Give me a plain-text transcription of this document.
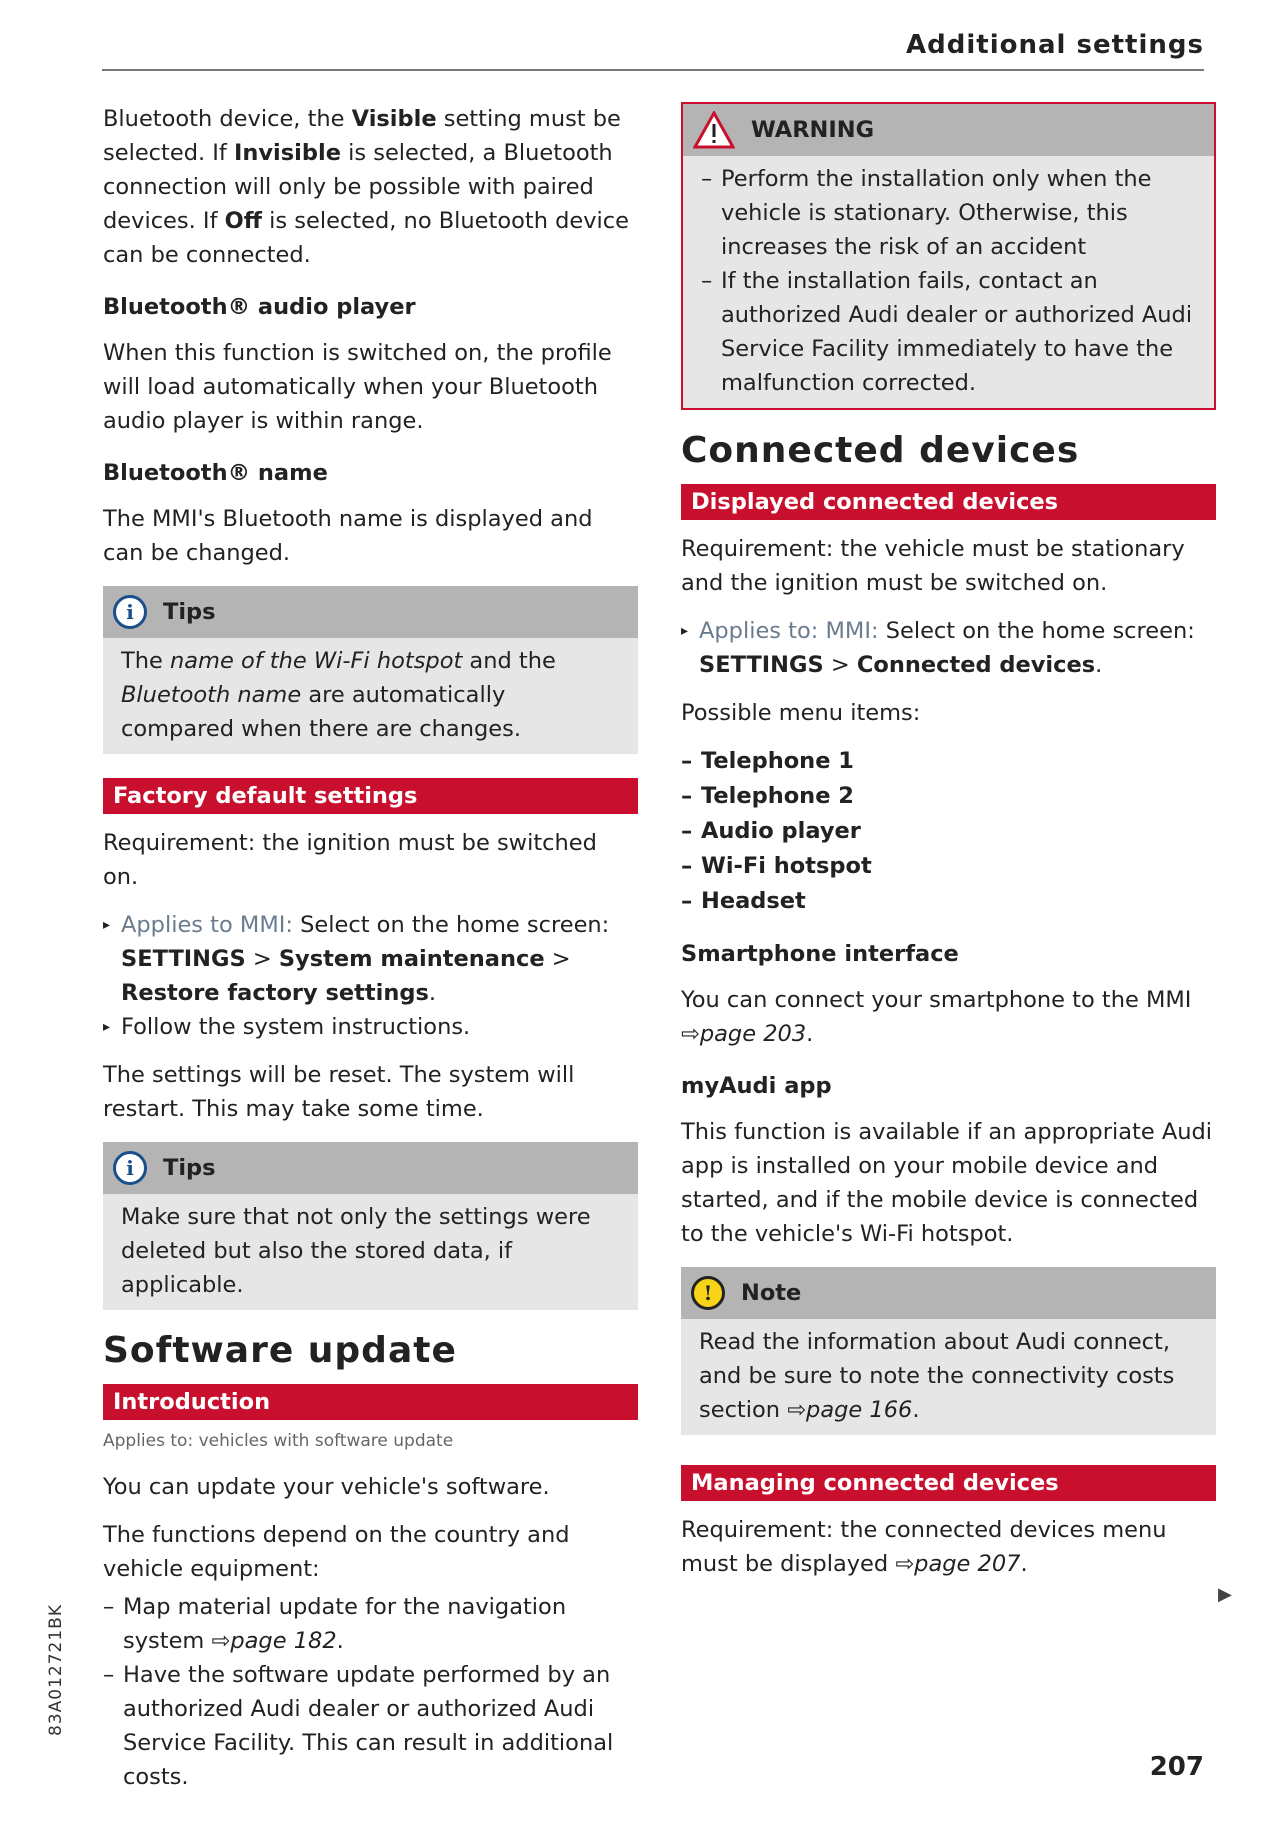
Additional settings

Bluetooth device, the Visible setting must be selected. If Invisible is selected, a Bluetooth connection will only be possible with paired devices. If Off is selected, no Bluetooth device can be connected.

Bluetooth® audio player

When this function is switched on, the profile will load automatically when your Bluetooth audio player is within range.

Bluetooth® name

The MMI's Bluetooth name is displayed and can be changed.

i	Tips
The name of the Wi-Fi hotspot and the Bluetooth name are automatically compared when there are changes.
Factory default settings

Requirement: the ignition must be switched on.

▸ Applies to MMI: Select on the home screen: SETTINGS > System maintenance > Restore factory settings.
▸ Follow the system instructions.

The settings will be reset. The system will restart. This may take some time.

i	Tips
Make sure that not only the settings were deleted but also the stored data, if applicable.
Software update
Introduction
Applies to: vehicles with software update

You can update your vehicle's software.

The functions depend on the country and vehicle equipment:

– Map material update for the navigation system ⇨page 182.
– Have the software update performed by an authorized Audi dealer or authorized Audi Service Facility. This can result in additional costs.
WARNING
– Perform the installation only when the vehicle is stationary. Otherwise, this increases the risk of an accident
– If the installation fails, contact an authorized Audi dealer or authorized Audi Service Facility immediately to have the malfunction corrected.
Connected devices
Displayed connected devices

Requirement: the vehicle must be stationary and the ignition must be switched on.

▸ Applies to: MMI: Select on the home screen: SETTINGS > Connected devices.

Possible menu items:

– Telephone 1
– Telephone 2
– Audio player
– Wi-Fi hotspot
– Headset
Smartphone interface

You can connect your smartphone to the MMI ⇨page 203.

myAudi app

This function is available if an appropriate Audi app is installed on your mobile device and started, and if the mobile device is connected to the vehicle's Wi-Fi hotspot.

!	Note
Read the information about Audi connect, and be sure to note the connectivity costs section ⇨page 166.
Managing connected devices

Requirement: the connected devices menu must be displayed ⇨page 207.

▶
83A012721BK
207
